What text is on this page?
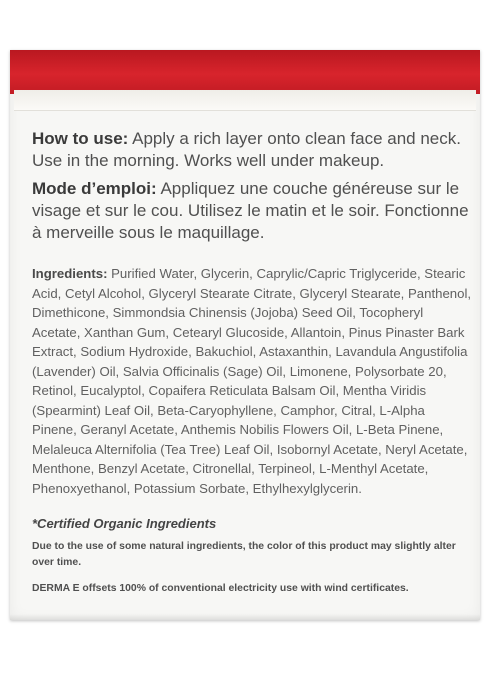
How to use: Apply a rich layer onto clean face and neck. Use in the morning. Works well under makeup.

Mode d’emploi: Appliquez une couche généreuse sur le visage et sur le cou. Utilisez le matin et le soir. Fonctionne à merveille sous le maquillage.

Ingredients: Purified Water, Glycerin, Caprylic/Capric Triglyceride, Stearic Acid, Cetyl Alcohol, Glyceryl Stearate Citrate, Glyceryl Stearate, Panthenol, Dimethicone, Simmondsia Chinensis (Jojoba) Seed Oil, Tocopheryl Acetate, Xanthan Gum, Cetearyl Glucoside, Allantoin, Pinus Pinaster Bark Extract, Sodium Hydroxide, Bakuchiol, Astaxanthin, Lavandula Angustifolia (Lavender) Oil, Salvia Officinalis (Sage) Oil, Limonene, Polysorbate 20, Retinol, Eucalyptol, Copaifera Reticulata Balsam Oil, Mentha Viridis (Spearmint) Leaf Oil, Beta-Caryophyllene, Camphor, Citral, L-Alpha Pinene, Geranyl Acetate, Anthemis Nobilis Flowers Oil, L-Beta Pinene, Melaleuca Alternifolia (Tea Tree) Leaf Oil, Isobornyl Acetate, Neryl Acetate, Menthone, Benzyl Acetate, Citronellal, Terpineol, L-Menthyl Acetate, Phenoxyethanol, Potassium Sorbate, Ethylhexylglycerin.

*Certified Organic Ingredients
Due to the use of some natural ingredients, the color of this product may slightly alter over time.
DERMA E offsets 100% of conventional electricity use with wind certificates.
